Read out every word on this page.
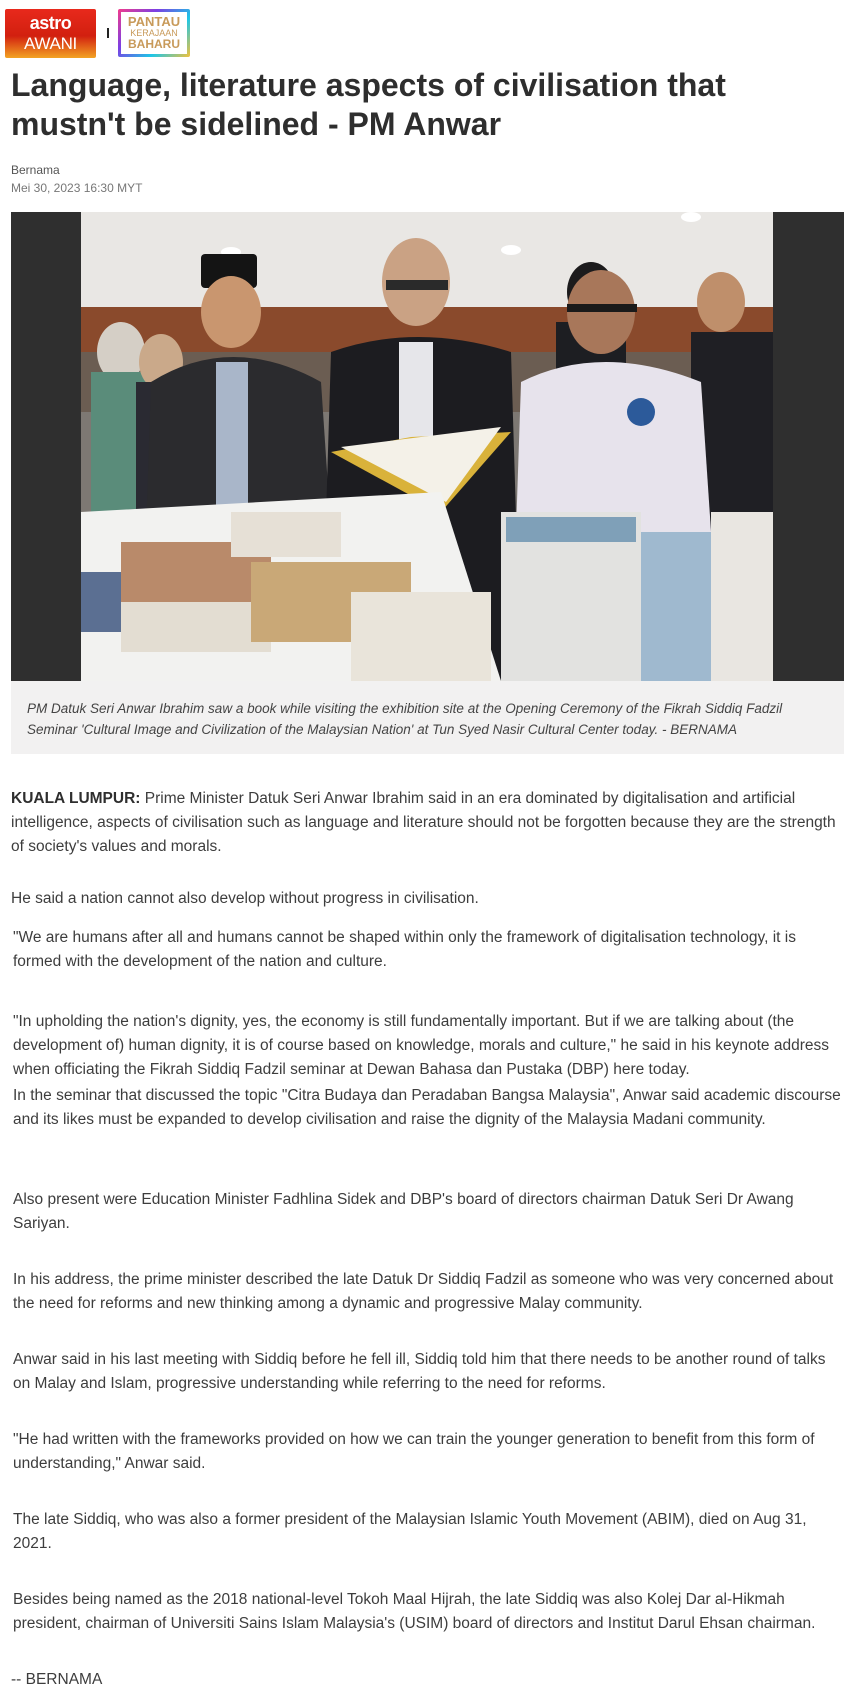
astro
AWANI
PANTAU
KERAJAAN
BAHARU
Language, literature aspects of civilisation that mustn't be sidelined - PM Anwar
Bernama
Mei 30, 2023 16:30 MYT
PM Datuk Seri Anwar Ibrahim saw a book while visiting the exhibition site at the Opening Ceremony of the Fikrah Siddiq Fadzil Seminar 'Cultural Image and Civilization of the Malaysian Nation' at Tun Syed Nasir Cultural Center today. - BERNAMA

KUALA LUMPUR: Prime Minister Datuk Seri Anwar Ibrahim said in an era dominated by digitalisation and artificial intelligence, aspects of civilisation such as language and literature should not be forgotten because they are the strength of society's values and morals.

He said a nation cannot also develop without progress in civilisation.

"We are humans after all and humans cannot be shaped within only the framework of digitalisation technology, it is formed with the development of the nation and culture.

"In upholding the nation's dignity, yes, the economy is still fundamentally important. But if we are talking about (the development of) human dignity, it is of course based on knowledge, morals and culture," he said in his keynote address when officiating the Fikrah Siddiq Fadzil seminar at Dewan Bahasa dan Pustaka (DBP) here today.

In the seminar that discussed the topic "Citra Budaya dan Peradaban Bangsa Malaysia", Anwar said academic discourse and its likes must be expanded to develop civilisation and raise the dignity of the Malaysia Madani community.

Also present were Education Minister Fadhlina Sidek and DBP's board of directors chairman Datuk Seri Dr Awang Sariyan.

In his address, the prime minister described the late Datuk Dr Siddiq Fadzil as someone who was very concerned about the need for reforms and new thinking among a dynamic and progressive Malay community.

Anwar said in his last meeting with Siddiq before he fell ill, Siddiq told him that there needs to be another round of talks on Malay and Islam, progressive understanding while referring to the need for reforms.

"He had written with the frameworks provided on how we can train the younger generation to benefit from this form of understanding," Anwar said.

The late Siddiq, who was also a former president of the Malaysian Islamic Youth Movement (ABIM), died on Aug 31, 2021.

Besides being named as the 2018 national-level Tokoh Maal Hijrah, the late Siddiq was also Kolej Dar al-Hikmah president, chairman of Universiti Sains Islam Malaysia's (USIM) board of directors and Institut Darul Ehsan chairman.

-- BERNAMA
